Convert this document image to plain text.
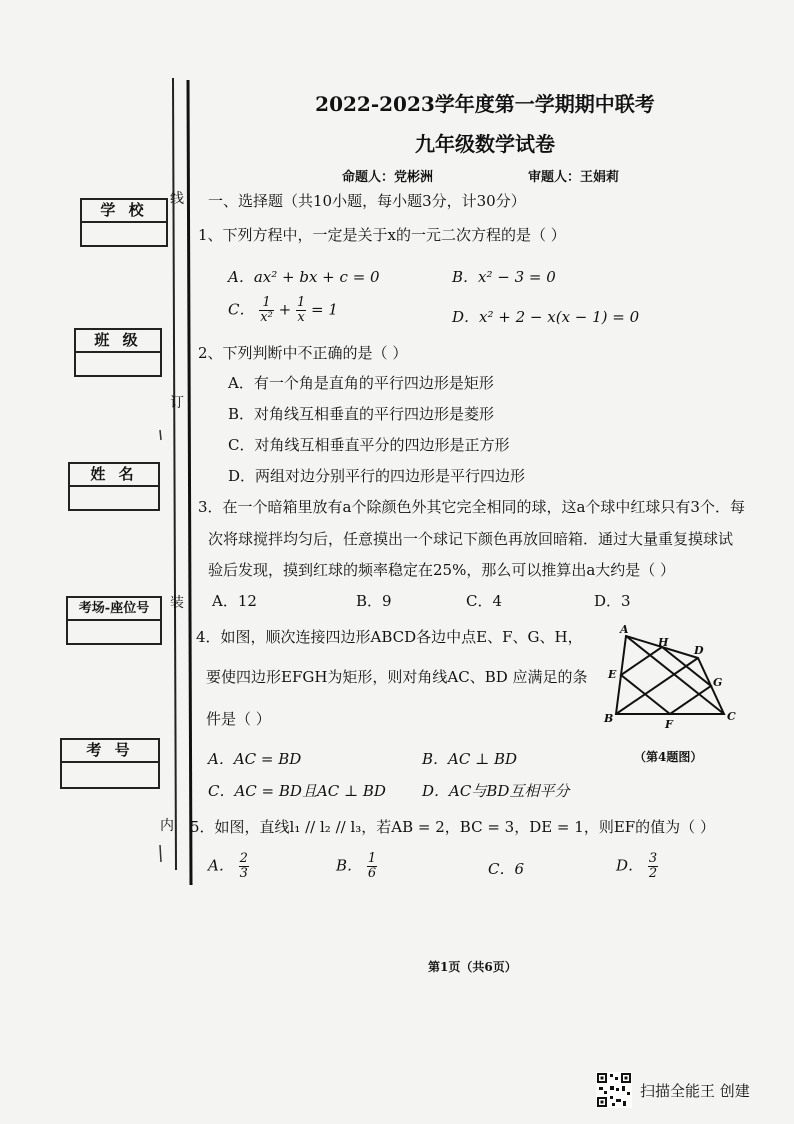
线
订
装
内
学 校
班 级
姓 名
考场-座位号
考 号
2022-2023学年度第一学期期中联考
九年级数学试卷
命题人：党彬洲	审题人：王娟莉
一、选择题（共10小题，每小题3分，计30分）
1、下列方程中，一定是关于x的一元二次方程的是（ ）
A．ax² + bx + c = 0	B．x² − 3 = 0
C． $\frac{1}{\text{x²}} + \frac{1}{x} = 1$	D．x² + 2 − x(x − 1) = 0
2、下列判断中不正确的是（ ）
A．有一个角是直角的平行四边形是矩形
B．对角线互相垂直的平行四边形是菱形
C．对角线互相垂直平分的四边形是正方形
D．两组对边分别平行的四边形是平行四边形
3．在一个暗箱里放有a个除颜色外其它完全相同的球，这a个球中红球只有3个．每
次将球搅拌均匀后，任意摸出一个球记下颜色再放回暗箱．通过大量重复摸球试
验后发现，摸到红球的频率稳定在25%，那么可以推算出a大约是（ ）
A．12	B．9	C．4	D．3
4．如图，顺次连接四边形ABCD各边中点E、F、G、H，
要使四边形EFGH为矩形，则对角线AC、BD 应满足的条
件是（ ）
A．AC = BD	B．AC ⊥ BD
C．AC = BD且AC ⊥ BD D．AC与BD互相平分
A
H
D
E
G
B	F
C
（第4题图）
5．如图，直线l₁ // l₂ // l₃，若AB = 2，BC = 3，DE = 1，则EF的值为（ ）
A． $\frac{2}{3}$	B． $\frac{1}{6}$	C．6	D． $\frac{3}{2}$
第1页（共6页）
扫描全能王 创建
